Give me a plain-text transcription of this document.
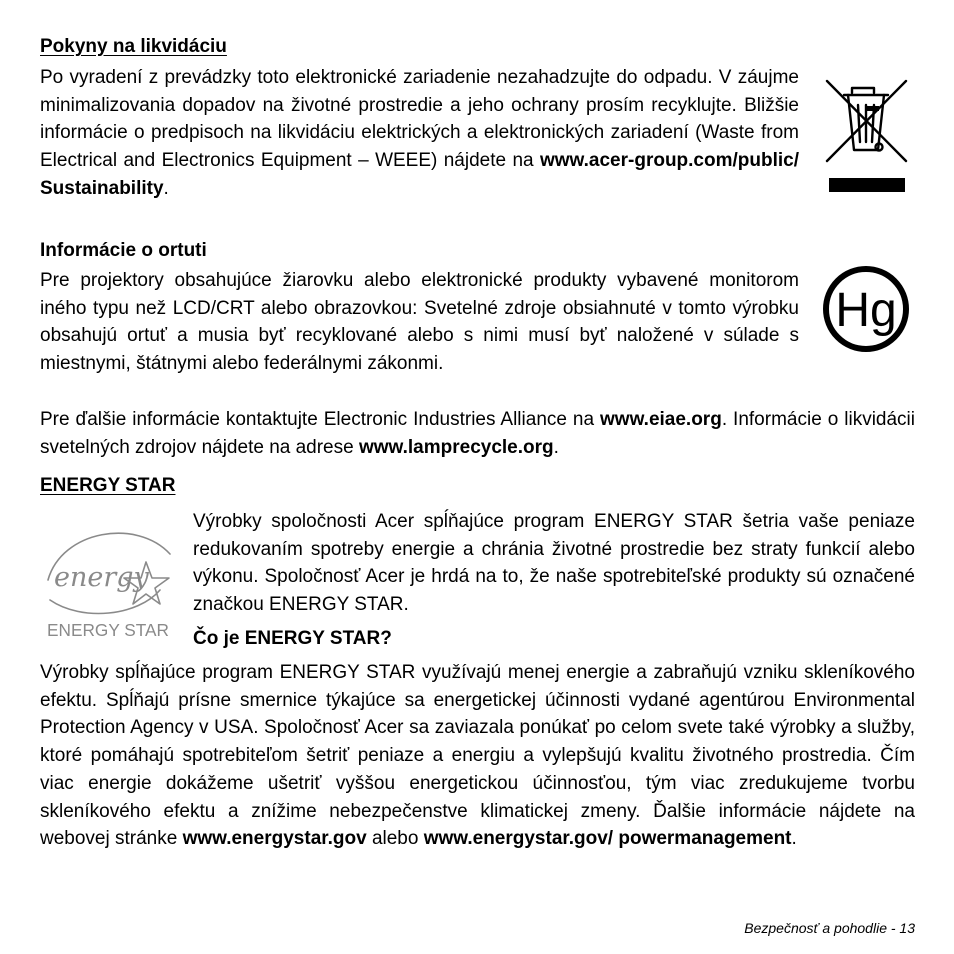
Pokyny na likvidáciu
Po vyradení z prevádzky toto elektronické zariadenie nezahadzujte do odpadu. V záujme minimalizovania dopadov na životné prostredie a jeho ochrany prosím recyklujte. Bližšie informácie o predpisoch na likvidáciu elektrických a elektronických zariadení (Waste from Electrical and Electronics Equipment – WEEE) nájdete na www.acer-group.com/public/ Sustainability.
Informácie o ortuti
Pre projektory obsahujúce žiarovku alebo elektronické produkty vybavené monitorom iného typu než LCD/CRT alebo obrazovkou: Svetelné zdroje obsiahnuté v tomto výrobku obsahujú ortuť a musia byť recyklované alebo s nimi musí byť naložené v súlade s miestnymi, štátnymi alebo federálnymi zákonmi.
Hg
Pre ďalšie informácie kontaktujte Electronic Industries Alliance na www.eiae.org. Informácie o likvidácii svetelných zdrojov nájdete na adrese www.lamprecycle.org.
ENERGY STAR
energy
ENERGY STAR
Výrobky spoločnosti Acer spĺňajúce program ENERGY STAR šetria vaše peniaze redukovaním spotreby energie a chránia životné prostredie bez straty funkcií alebo výkonu. Spoločnosť Acer je hrdá na to, že naše spotrebiteľské produkty sú označené značkou ENERGY STAR.
Čo je ENERGY STAR?
Výrobky spĺňajúce program ENERGY STAR využívajú menej energie a zabraňujú vzniku skleníkového efektu. Spĺňajú prísne smernice týkajúce sa energetickej účinnosti vydané agentúrou Environmental Protection Agency v USA. Spoločnosť Acer sa zaviazala ponúkať po celom svete také výrobky a služby, ktoré pomáhajú spotrebiteľom šetriť peniaze a energiu a vylepšujú kvalitu životného prostredia. Čím viac energie dokážeme ušetriť vyššou energetickou účinnosťou, tým viac zredukujeme tvorbu skleníkového efektu a znížime nebezpečenstve klimatickej zmeny. Ďalšie informácie nájdete na webovej stránke www.energystar.gov alebo www.energystar.gov/ powermanagement.
Bezpečnosť a pohodlie - 13
